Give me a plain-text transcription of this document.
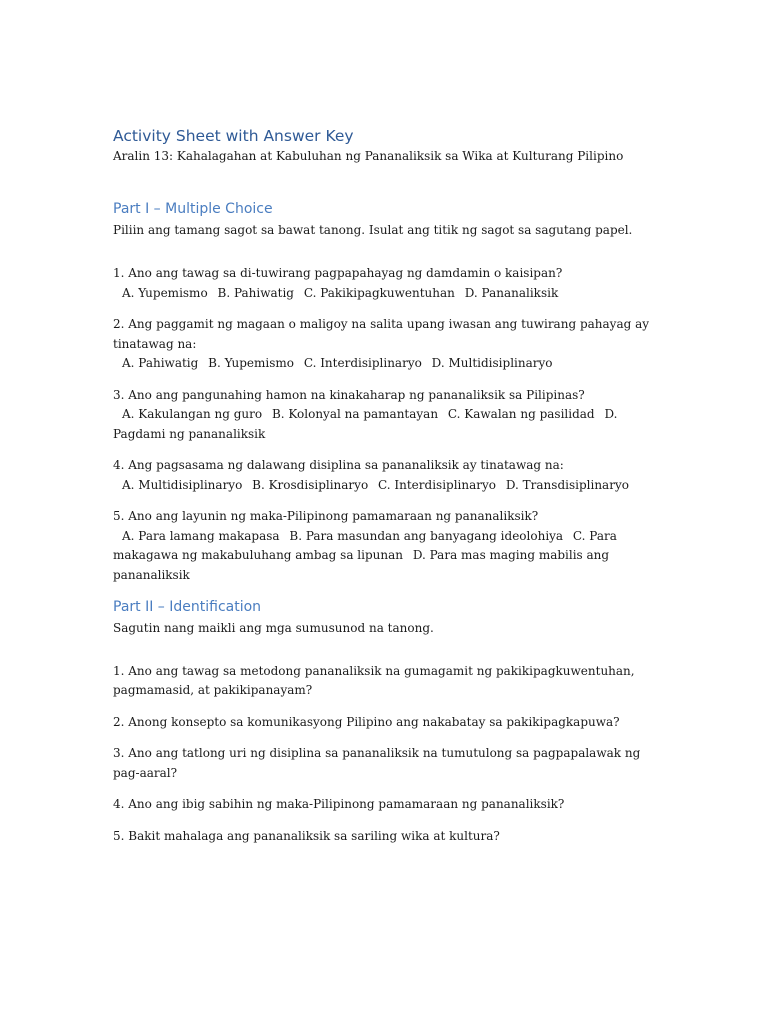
Activity Sheet with Answer Key

Aralin 13: Kahalagahan at Kabuluhan ng Pananaliksik sa Wika at Kulturang Pilipino

Part I – Multiple Choice

Piliin ang tamang sagot sa bawat tanong. Isulat ang titik ng sagot sa sagutang papel.

1. Ano ang tawag sa di-tuwirang pagpapahayag ng damdamin o kaisipan?
A. Yupemismo B. Pahiwatig C. Pakikipagkuwentuhan D. Pananaliksik
2. Ang paggamit ng magaan o maligoy na salita upang iwasan ang tuwirang pahayag ay tinatawag na:
A. Pahiwatig B. Yupemismo C. Interdisiplinaryo D. Multidisiplinaryo
3. Ano ang pangunahing hamon na kinakaharap ng pananaliksik sa Pilipinas?
A. Kakulangan ng guro B. Kolonyal na pamantayan C. Kawalan ng pasilidad D. Pagdami ng pananaliksik
4. Ang pagsasama ng dalawang disiplina sa pananaliksik ay tinatawag na:
A. Multidisiplinaryo B. Krosdisiplinaryo C. Interdisiplinaryo D. Transdisiplinaryo
5. Ano ang layunin ng maka-Pilipinong pamamaraan ng pananaliksik?
A. Para lamang makapasa B. Para masundan ang banyagang ideolohiya C. Para makagawa ng makabuluhang ambag sa lipunan D. Para mas maging mabilis ang pananaliksik
Part II – Identification

Sagutin nang maikli ang mga sumusunod na tanong.

1. Ano ang tawag sa metodong pananaliksik na gumagamit ng pakikipagkuwentuhan, pagmamasid, at pakikipanayam?
2. Anong konsepto sa komunikasyong Pilipino ang nakabatay sa pakikipagkapuwa?
3. Ano ang tatlong uri ng disiplina sa pananaliksik na tumutulong sa pagpapalawak ng pag-aaral?
4. Ano ang ibig sabihin ng maka-Pilipinong pamamaraan ng pananaliksik?
5. Bakit mahalaga ang pananaliksik sa sariling wika at kultura?
